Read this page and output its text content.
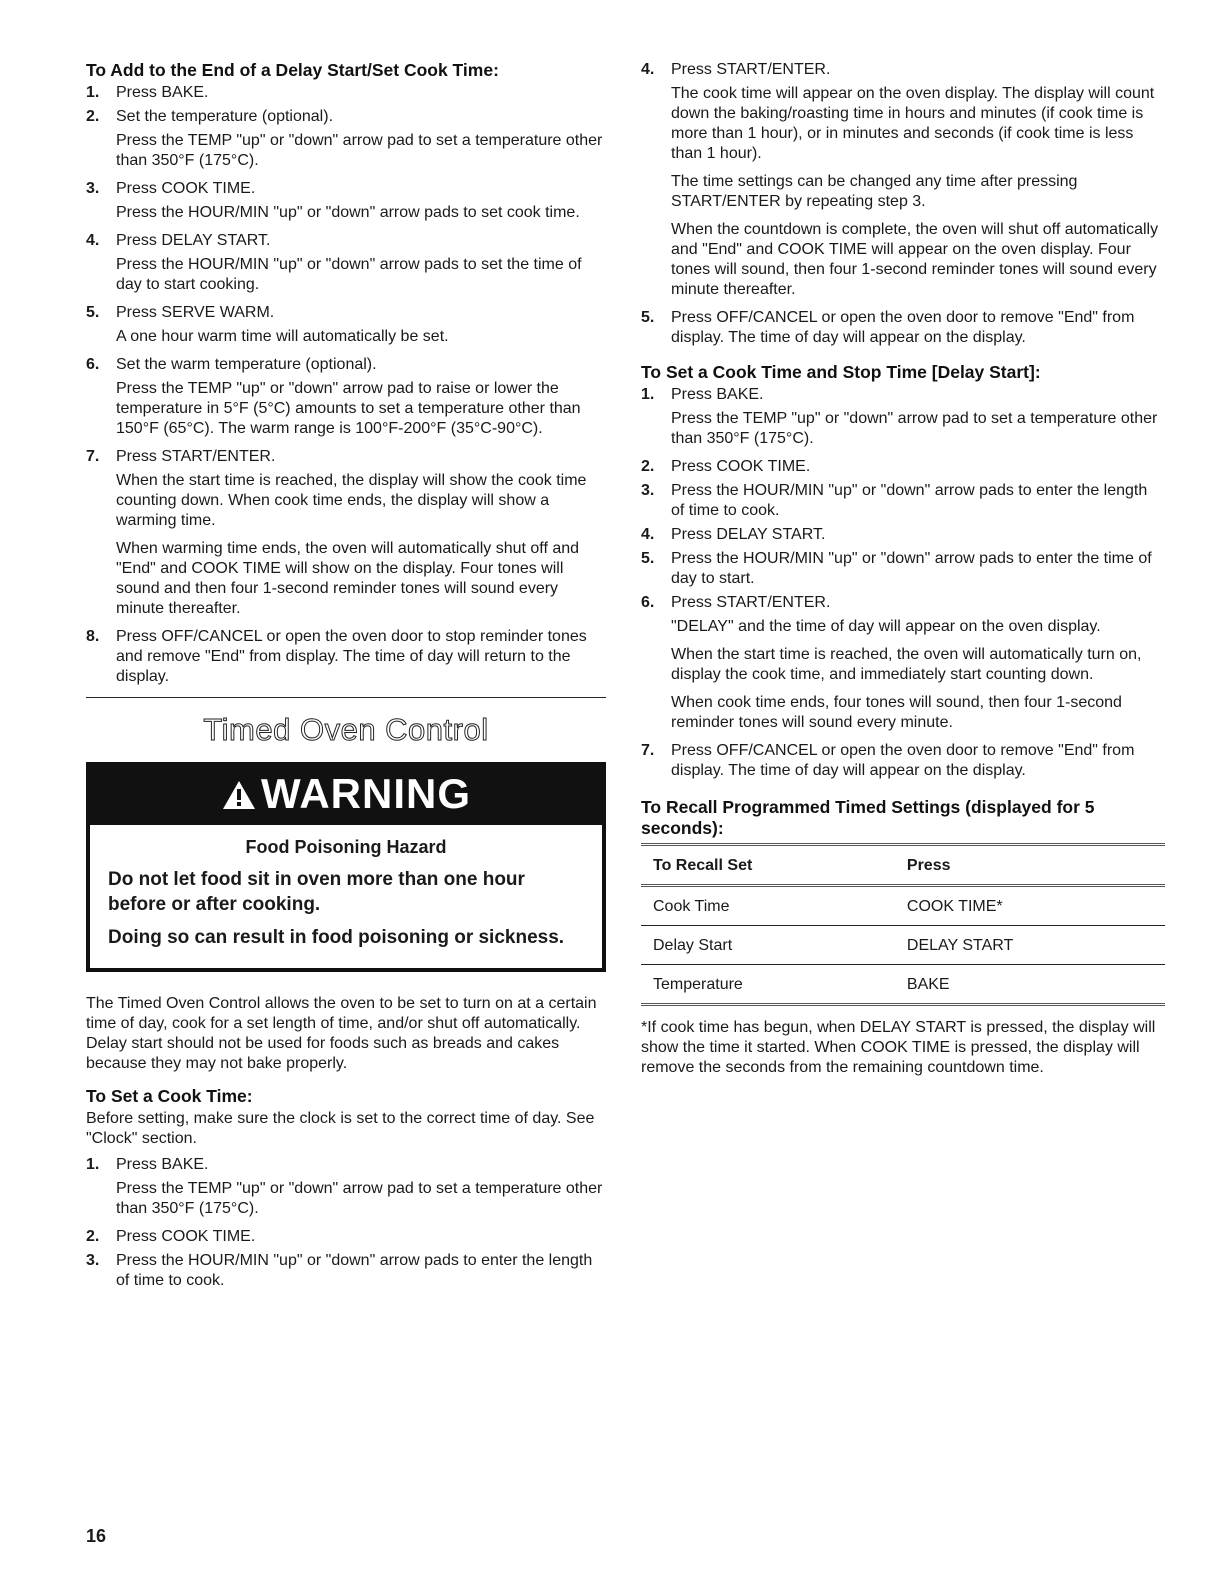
To Add to the End of a Delay Start/Set Cook Time:
1. Press BAKE.
2. Set the temperature (optional).
Press the TEMP "up" or "down" arrow pad to set a temperature other than 350°F (175°C).
3. Press COOK TIME.
Press the HOUR/MIN "up" or "down" arrow pads to set cook time.
4. Press DELAY START.
Press the HOUR/MIN "up" or "down" arrow pads to set the time of day to start cooking.
5. Press SERVE WARM.
A one hour warm time will automatically be set.
6. Set the warm temperature (optional).
Press the TEMP "up" or "down" arrow pad to raise or lower the temperature in 5°F (5°C) amounts to set a temperature other than 150°F (65°C). The warm range is 100°F-200°F (35°C-90°C).
7. Press START/ENTER.
When the start time is reached, the display will show the cook time counting down. When cook time ends, the display will show a warming time.
When warming time ends, the oven will automatically shut off and "End" and COOK TIME will show on the display. Four tones will sound and then four 1-second reminder tones will sound every minute thereafter.
8. Press OFF/CANCEL or open the oven door to stop reminder tones and remove "End" from display. The time of day will return to the display.
Timed Oven Control
WARNING
Food Poisoning Hazard
Do not let food sit in oven more than one hour before or after cooking.
Doing so can result in food poisoning or sickness.
The Timed Oven Control allows the oven to be set to turn on at a certain time of day, cook for a set length of time, and/or shut off automatically. Delay start should not be used for foods such as breads and cakes because they may not bake properly.
To Set a Cook Time:
Before setting, make sure the clock is set to the correct time of day. See "Clock" section.
1. Press BAKE.
Press the TEMP "up" or "down" arrow pad to set a temperature other than 350°F (175°C).
2. Press COOK TIME.
3. Press the HOUR/MIN "up" or "down" arrow pads to enter the length of time to cook.
4. Press START/ENTER.
The cook time will appear on the oven display. The display will count down the baking/roasting time in hours and minutes (if cook time is more than 1 hour), or in minutes and seconds (if cook time is less than 1 hour).
The time settings can be changed any time after pressing START/ENTER by repeating step 3.
When the countdown is complete, the oven will shut off automatically and "End" and COOK TIME will appear on the oven display. Four tones will sound, then four 1-second reminder tones will sound every minute thereafter.
5. Press OFF/CANCEL or open the oven door to remove "End" from display. The time of day will appear on the display.
To Set a Cook Time and Stop Time [Delay Start]:
1. Press BAKE.
Press the TEMP "up" or "down" arrow pad to set a temperature other than 350°F (175°C).
2. Press COOK TIME.
3. Press the HOUR/MIN "up" or "down" arrow pads to enter the length of time to cook.
4. Press DELAY START.
5. Press the HOUR/MIN "up" or "down" arrow pads to enter the time of day to start.
6. Press START/ENTER.
"DELAY" and the time of day will appear on the oven display.
When the start time is reached, the oven will automatically turn on, display the cook time, and immediately start counting down.
When cook time ends, four tones will sound, then four 1-second reminder tones will sound every minute.
7. Press OFF/CANCEL or open the oven door to remove "End" from display. The time of day will appear on the display.
To Recall Programmed Timed Settings (displayed for 5 seconds):
To Recall Set	Press
Cook Time	COOK TIME*
Delay Start	DELAY START
Temperature	BAKE
*If cook time has begun, when DELAY START is pressed, the display will show the time it started. When COOK TIME is pressed, the display will remove the seconds from the remaining countdown time.
16
